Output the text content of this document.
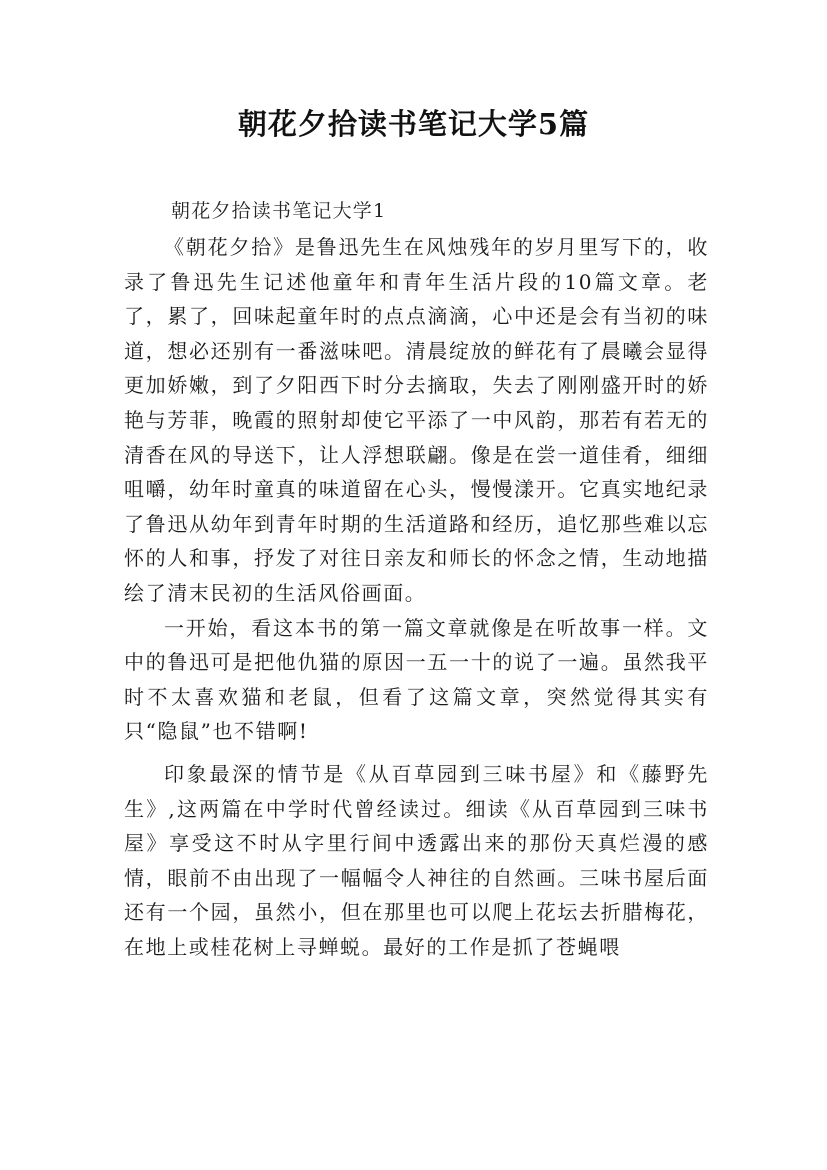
朝花夕拾读书笔记大学5篇
朝花夕拾读书笔记大学1

《朝花夕拾》是鲁迅先生在风烛残年的岁月里写下的，收录了鲁迅先生记述他童年和青年生活片段的10篇文章。老了，累了，回味起童年时的点点滴滴，心中还是会有当初的味道，想必还别有一番滋味吧。清晨绽放的鲜花有了晨曦会显得更加娇嫩，到了夕阳西下时分去摘取，失去了刚刚盛开时的娇艳与芳菲，晚霞的照射却使它平添了一中风韵，那若有若无的清香在风的导送下，让人浮想联翩。像是在尝一道佳肴，细细咀嚼，幼年时童真的味道留在心头，慢慢漾开。它真实地纪录了鲁迅从幼年到青年时期的生活道路和经历，追忆那些难以忘怀的人和事，抒发了对往日亲友和师长的怀念之情，生动地描绘了清末民初的生活风俗画面。

一开始，看这本书的第一篇文章就像是在听故事一样。文中的鲁迅可是把他仇猫的原因一五一十的说了一遍。虽然我平时不太喜欢猫和老鼠，但看了这篇文章，突然觉得其实有只“隐鼠”也不错啊!

印象最深的情节是《从百草园到三味书屋》和《藤野先生》,这两篇在中学时代曾经读过。细读《从百草园到三味书屋》享受这不时从字里行间中透露出来的那份天真烂漫的感情，眼前不由出现了一幅幅令人神往的自然画。三味书屋后面还有一个园，虽然小，但在那里也可以爬上花坛去折腊梅花，在地上或桂花树上寻蝉蜕。最好的工作是抓了苍蝇喂
